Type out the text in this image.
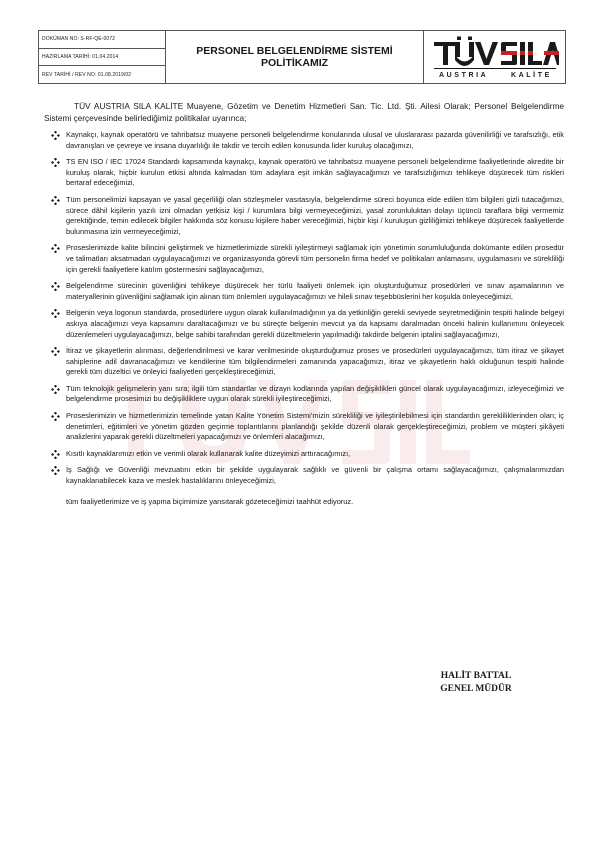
DOKÜMAN NO: S-RF-QE-0072
HAZIRLAMA TARİHİ: 01.04.2014
REV TARİHİ / REV NO: 01.08.2019/02
PERSONEL BELGELENDİRME SİSTEMİ
POLİTİKAMIZ
AUSTRIA	KALİTE

TÜV AUSTRIA SILA KALİTE Muayene, Gözetim ve Denetim Hizmetleri San. Tic. Ltd. Şti. Ailesi Olarak; Personel Belgelendirme Sistemi çerçevesinde belirlediğimiz politikalar uyarınca;

Kaynakçı, kaynak operatörü ve tahribatsız muayene personeli belgelendirme konularında ulusal ve uluslararası pazarda güvenilirliği ve tarafsızlığı, etik davranışları ve çevreye ve insana duyarlılığı ile takdir ve tercih edilen konusunda lider kuruluş olacağımızı,
TS EN ISO / IEC 17024 Standardı kapsamında kaynakçı, kaynak operatörü ve tahribatsız muayene personeli belgelendirme faaliyetlerinde akredite bir kuruluş olarak, hiçbir kurulun etkisi altında kalmadan tüm adaylara eşit imkân sağlayacağımızı ve tarafsızlığımızı tehlikeye düşürecek tüm riskleri bertaraf edeceğimizi,
Tüm personelimizi kapsayan ve yasal geçerliliği olan sözleşmeler vasıtasıyla, belgelendirme süreci boyunca elde edilen tüm bilgileri gizli tutacağımızı, sürece dâhil kişilerin yazılı izni olmadan yetkisiz kişi / kurumlara bilgi vermeyeceğimizi, yasal zorunluluktan dolayı üçüncü taraflara bilgi vermemiz gerektiğinde, temin edilecek bilgiler hakkında söz konusu kişilere haber vereceğimizi, hiçbir kişi / kuruluşun gizliliğimizi tehlikeye düşürecek faaliyetlerde bulunmasına izin vermeyeceğimizi,
Proseslerimizde kalite bilincini geliştirmek ve hizmetlerimizde sürekli iyileştirmeyi sağlamak için yönetimin sorumluluğunda dokümante edilen prosedür ve talimatları aksatmadan uygulayacağımızı ve organizasyonda görevli tüm personelin firma hedef ve politikaları anlamasını, uygulamasını ve sürekliliği için gerekli faaliyetlere katılım göstermesini sağlayacağımızı,
Belgelendirme sürecinin güvenliğini tehlikeye düşürecek her türlü faaliyeti önlemek için oluşturduğumuz prosedürleri ve sınav aşamalarının ve materyallerinin güvenliğini sağlamak için alınan tüm önlemleri uygulayacağımızı ve hileli sınav teşebbüslerini her koşulda önleyeceğimizi,
Belgenin veya logonun standarda, prosedürlere uygun olarak kullanılmadığının ya da yetkinliğin gerekli seviyede seyretmediğinin tespiti halinde belgeyi askıya alacağımızı veya kapsamını daraltacağımızı ve bu süreçte belgenin mevcut ya da kapsamı daralmadan önceki halinin kullanımını önleyecek düzenlemeleri uygulayacağımızı, belge sahibi tarafından gerekli düzeltmelerin yapılmadığı takdirde belgenin iptalini sağlayacağımızı,
İtiraz ve şikayetlerin alınması, değerlendirilmesi ve karar verilmesinde oluşturduğumuz proses ve prosedürleri uygulayacağımızı, tüm itiraz ve şikayet sahiplerine adil davranacağımızı ve kendilerine tüm bilgilendirmeleri zamanında yapacağımızı, itiraz ve şikayetlerin haklı olduğunun tespiti halinde gerekli tüm düzeltici ve önleyici faaliyetleri gerçekleştireceğimizi,
Tüm teknolojik gelişmelerin yanı sıra; ilgili tüm standartlar ve dizayn kodlarında yapılan değişiklikleri güncel olarak uygulayacağımızı, izleyeceğimizi ve belgelendirme prosesimizi bu değişikliklere uygun olarak sürekli iyileştireceğimizi,
Proseslerimizin ve hizmetlerimizin temelinde yatan Kalite Yönetim Sistemi’mizin sürekliliği ve iyileştirilebilmesi için standardın gerekliliklerinden olan; iç denetimleri, eğitimleri ve yönetim gözden geçirme toplantılarını planlandığı şekilde düzenli olarak gerçekleştireceğimizi, problem ve müşteri şikâyeti analizlerini yaparak gerekli düzeltmeleri yapacağımızı ve önlemleri alacağımızı,
Kısıtlı kaynaklarımızı etkin ve verimli olarak kullanarak kalite düzeyimizi arttıracağımızı,
İş Sağlığı ve Güvenliği mevzuatını etkin bir şekilde uygulayarak sağlıklı ve güvenli bir çalışma ortamı sağlayacağımızı, çalışmalarımızdan kaynaklanabilecek kaza ve meslek hastalıklarını önleyeceğimizi,
tüm faaliyetlerimize ve iş yapma biçimimize yansıtarak gözeteceğimizi taahhüt ediyoruz.
HALİT BATTAL
GENEL MÜDÜR
